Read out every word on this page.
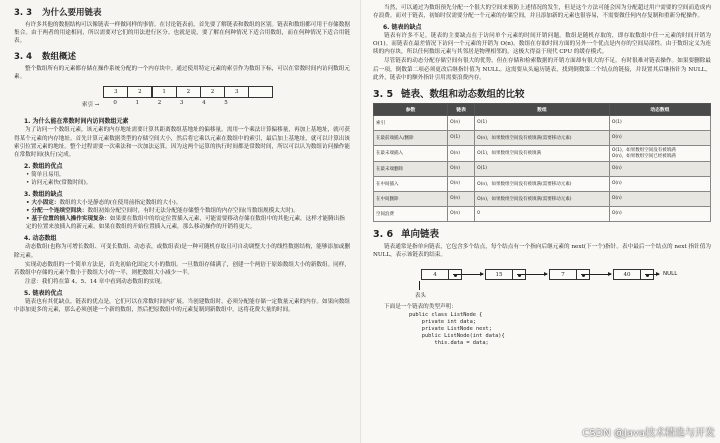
3. 3 为什么要用链表

有许多其他的数据结构可以像链表一样做同样的事情。在讨论链表前，首先要了解链表和数组的区别。链表和数组都可用于存储数据集合。由于两者的用途相同，所以需要对它们的用法进行区分。也就是说，要了解在何种情况下适合用数组，而在何种情况下适合用链表。

3. 4 数组概述

整个数组所有的元素都存储在操作系统分配的一个内存块中。通过使用特定元素的索引作为数组下标，可以在常数时间内访问数组元素。

3	2	1	2	2	3
索引 →	0	1	2	3	4	5
1. 为什么能在常数时间内访问数组元素

为了访问一个数组元素，该元素的内存地址需要计算其距离数组基地址的偏移量。需用一个乘法计算偏移量，再加上基地址，就可获得某个元素的内存地址。首先计算元素数据类型的存储空间大小，然后将它乘以元素在数组中的索引，最后加上基地址，就可以计算出该索引位置元素的地址。整个过程需要一次乘法和一次加法运算。因为这两个运算的执行时间都是常数时间，所以可以认为数组访问操作能在常数时间(执行)完成。

2. 数组的优点
• 简单且易用。
• 访问元素快(常数时间)。
3. 数组的缺点
• 大小固定：数组的大小是静态的(在使用前指定数组的大小)。
• 分配一个连续空间块：数组初始分配空间时，有时无法分配能存储整个数组的内存空间(当数组规模太大时)。
• 基于位置的插入操作实现复杂：如果要在数组中的给定位置插入元素，可能需要移动存储在数组中的其他元素，这样才能腾出指定的位置来放插入的新元素。如果在数组的开始位置插入元素，那么移动操作的开销将更大。
4. 动态数组

动态数组(也称为可增长数组、可变长数组、动态表，或数组表)是一种可随机存取且可自动调整大小的线性数据结构，能够添加或删除元素。

实现动态数组的一个简单方法是，首先初始化固定大小的数组。一旦数组存储满了，创建一个两倍于原始数组大小的新数组。同样，若数组中存储的元素个数小于数组大小的一半，则把数组大小减少一半。

注意：我们将在第 4、5、14 章中看到动态数组的实现。

5. 链表的优点

链表也有其优缺点。链表的优点是，它们可以在常数时间内扩展。当创建数组时，必须分配能存储一定数量元素的内存。如果向数组中添加更多的元素，那么必须创建一个新的数组，然后把原数组中的元素复制到新数组中，这将花费大量的时间。

当然，可以通过为数组预先分配一个很大的空间来预防上述情况的发生，但是这个方法可能会因为分配超过用户需要的空间而造成内存浪费。而对于链表，初始时仅需要分配一个元素的存储空间，并且添加新的元素也很容易，不需要做任何内存复制和重新分配操作。

6. 链表的缺点

链表有许多不足。链表的主要缺点在于访问单个元素的时间开销问题。数组是随机存取的，即存取数组中任一元素的时间开销为 O(1)。而链表在最差情况下访问一个元素的开销为 O(n)。数组在存取时间方面的另外一个优点是内存的空间局部性。由于数组定义为连续的内存块，所以任何数组元素与其邻居是物理相邻的。这极大得益于现代 CPU 的缓存模式。

尽管链表的动态分配存储空间有很大的优势，但在存储和检索数据的开销方面却有很大的不足。有时很难对链表操作。如果要删除最后一项，倒数第二项必须更改后继指针值为 NULL。这需要从头遍历链表，找到倒数第二个结点的链接，并设置其后继指针为 NULL。此外，链表中的额外指针引用需要浪费内存。

3. 5 链表、数组和动态数组的比较
参数	链表	数组	动态数组
索引	O(n)	O(1)	O(1)
在最前端插入/删除	O(1)	O(n)，如果数组空间没有被填满(需要移动元素)	O(n)
在最末端插入	O(n)	O(1)，如果数组空间没有被填满	O(1)，如果数组空间没有被填满
O(n)，如果数组空间已经被填满
在最末端删除	O(n)	O(1)	O(n)
在中间插入	O(n)	O(n)，如果数组空间没有被填满(需要移动元素)	O(n)
在中间删除	O(n)	O(n)，如果数组空间没有被填满(需要移动元素)	O(n)
空间浪费	O(n)	0	O(n)
3. 6 单向链表

链表通常是指单向链表，它包含多个结点，每个结点有一个指向后继元素的 next(下一个)指针。表中最后一个结点的 next 指针值为 NULL，表示该链表的结束。

4	15	7	40	NULL
表头

下面是一个链表的类型声明：

public class ListNode {
private int data;
private ListNode next;
public ListNode(int data){
this.data = data;
CSDN @Java技术精选与开发
